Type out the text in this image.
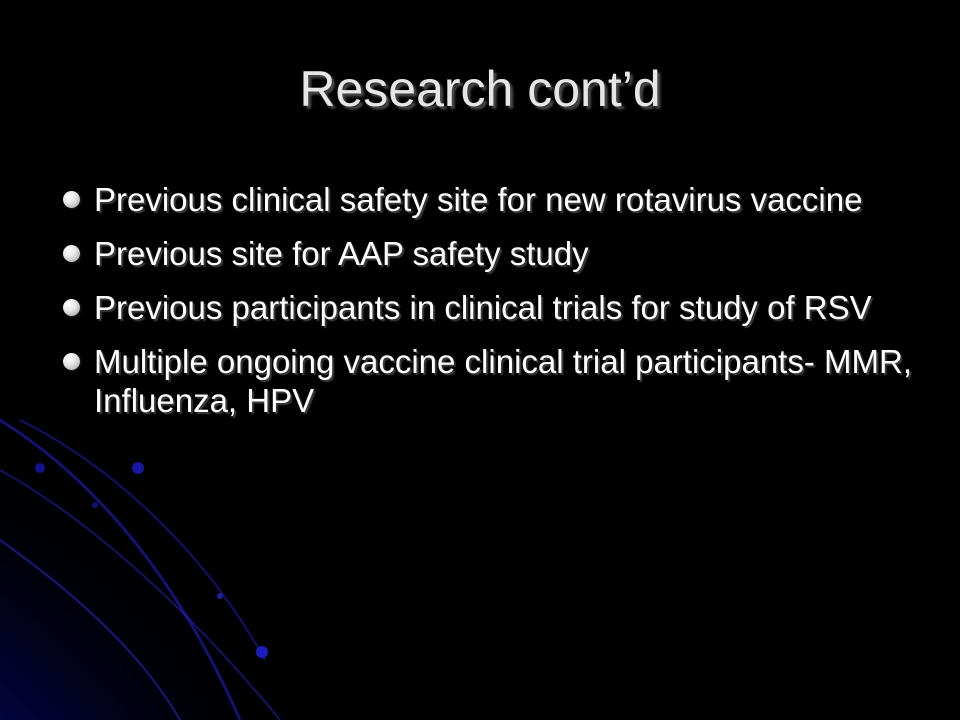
Research cont’d
Previous clinical safety site for new rotavirus vaccine
Previous site for AAP safety study
Previous participants in clinical trials for study of RSV
Multiple ongoing vaccine clinical trial participants- MMR, Influenza, HPV
